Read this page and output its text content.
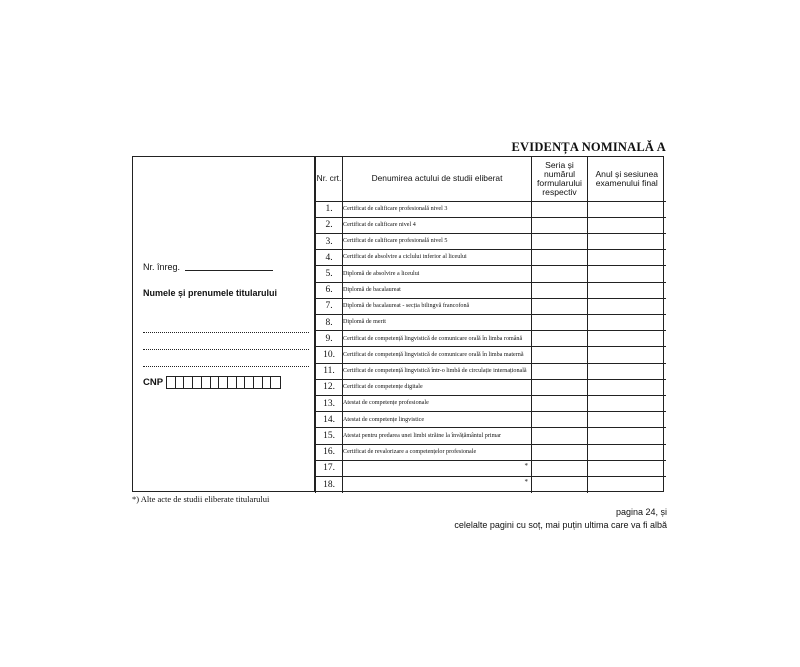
EVIDENȚA NOMINALĂ A
Nr. înreg.
Numele și prenumele titularului
CNP
Nr. crt.	Denumirea actului de studii eliberat	Seria și numărul formularului respectiv	Anul și sesiunea examenului final
1.	Certificat de calificare profesională nivel 3		
2.	Certificat de calificare nivel 4		
3.	Certificat de calificare profesională nivel 5		
4.	Certificat de absolvire a ciclului inferior al liceului		
5.	Diplomă de absolvire a liceului		
6.	Diplomă de bacalaureat		
7.	Diplomă de bacalaureat - secția bilingvă francofonă		
8.	Diplomă de merit		
9.	Certificat de competență lingvistică de comunicare orală în limba română		
10.	Certificat de competență lingvistică de comunicare orală în limba maternă		
11.	Certificat de competență lingvistică într-o limbă de circulație internațională		
12.	Certificat de competențe digitale		
13.	Atestat de competențe profesionale		
14.	Atestat de competențe lingvistice		
15.	Atestat pentru predarea unei limbi străine la învățământul primar		
16.	Certificat de revalorizare a competențelor profesionale		
17.	*		

18.	*		

*) Alte acte de studii eliberate titularului
pagina 24, și
celelalte pagini cu soț, mai puțin ultima care va fi albă
